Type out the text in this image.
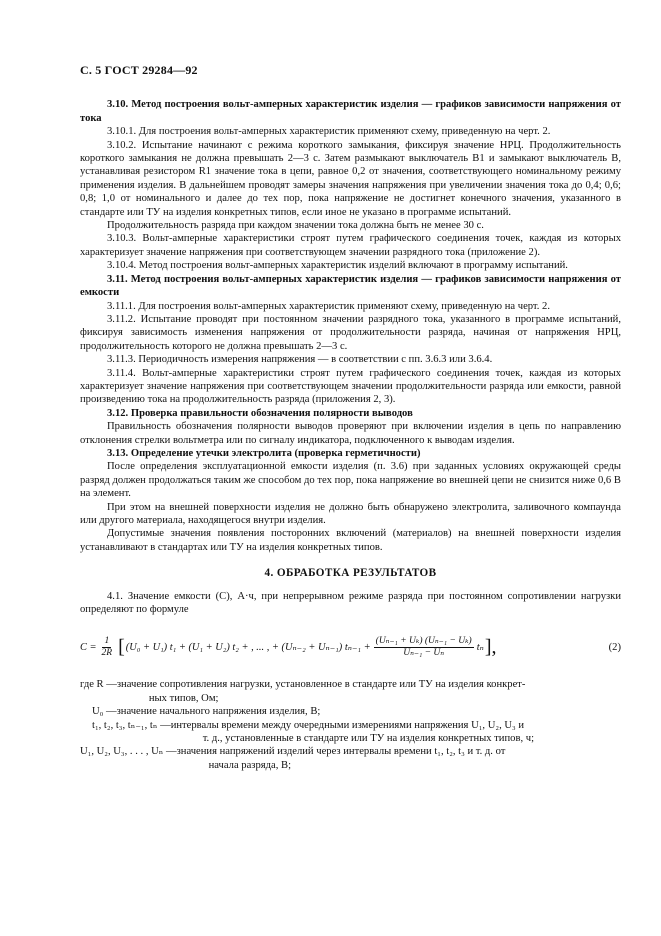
С. 5 ГОСТ 29284—92

3.10. Метод построения вольт-амперных характеристик изделия — графиков зависимости напряжения от тока

3.10.1. Для построения вольт-амперных характеристик применяют схему, приведенную на черт. 2.

3.10.2. Испытание начинают с режима короткого замыкания, фиксируя значение НРЦ. Продолжительность короткого замыкания не должна превышать 2—3 с. Затем размыкают выключатель В1 и замыкают выключатель В, устанавливая резистором R1 значение тока в цепи, равное 0,2 от значения, соответствующего номинальному режиму применения изделия. В дальнейшем проводят замеры значения напряжения при увеличении значения тока до 0,4; 0,6; 0,8; 1,0 от номинального и далее до тех пор, пока напряжение не достигнет конечного значения, указанного в стандарте или ТУ на изделия конкретных типов, если иное не указано в программе испытаний.

Продолжительность разряда при каждом значении тока должна быть не менее 30 с.

3.10.3. Вольт-амперные характеристики строят путем графического соединения точек, каждая из которых характеризует значение напряжения при соответствующем значении разрядного тока (приложение 2).

3.10.4. Метод построения вольт-амперных характеристик изделий включают в программу испытаний.

3.11. Метод построения вольт-амперных характеристик изделия — графиков зависимости напряжения от емкости

3.11.1. Для построения вольт-амперных характеристик применяют схему, приведенную на черт. 2.

3.11.2. Испытание проводят при постоянном значении разрядного тока, указанного в программе испытаний, фиксируя зависимость изменения напряжения от продолжительности разряда, начиная от напряжения НРЦ, продолжительность которого не должна превышать 2—3 с.

3.11.3. Периодичность измерения напряжения — в соответствии с пп. 3.6.3 или 3.6.4.

3.11.4. Вольт-амперные характеристики строят путем графического соединения точек, каждая из которых характеризует значение напряжения при соответствующем значении продолжительности разряда или емкости, равной произведению тока на продолжительность разряда (приложения 2, 3).

3.12. Проверка правильности обозначения полярности выводов

Правильность обозначения полярности выводов проверяют при включении изделия в цепь по направлению отклонения стрелки вольтметра или по сигналу индикатора, подключенного к выводам изделия.

3.13. Определение утечки электролита (проверка герметичности)

После определения эксплуатационной емкости изделия (п. 3.6) при заданных условиях окружающей среды разряд должен продолжаться таким же способом до тех пор, пока напряжение во внешней цепи не снизится ниже 0,6 В на элемент.

При этом на внешней поверхности изделия не должно быть обнаружено электролита, заливочного компаунда или другого материала, находящегося внутри изделия.

Допустимые значения появления посторонних включений (материалов) на внешней поверхности изделия устанавливают в стандартах или ТУ на изделия конкретных типов.

4. ОБРАБОТКА РЕЗУЛЬТАТОВ

4.1. Значение емкости (C), А·ч, при непрерывном режиме разряда при постоянном сопротивлении нагрузки определяют по формуле

$C = \frac{1}{2R}$ [ (U₀ + U₁) t₁ + (U₁ + U₂) t₂ + , ... , + (Uₙ₋₂ + Uₙ₋₁) $t_{n-1} + \frac{\text{(Uₙ₋₁ + Uₖ) (Uₙ₋₁ − Uₖ)}}{\text{Uₙ₋₁ − Uₙ}}$ tₙ ],	(2)
где R — значение сопротивления нагрузки, установленное в стандарте или ТУ на изделия конкрет-
ных типов, Ом;
U₀ — значение начального напряжения изделия, В;
t₁, t₂, t₃, tₙ₋₁, tₙ — интервалы времени между очередными измерениями напряжения U₁, U₂, U₃ и
т. д., установленные в стандарте или ТУ на изделия конкретных типов, ч;
U₁, U₂, U₃, . . . , Uₙ — значения напряжений изделий через интервалы времени t₁, t₂, t₃ и т. д. от
начала разряда, В;
